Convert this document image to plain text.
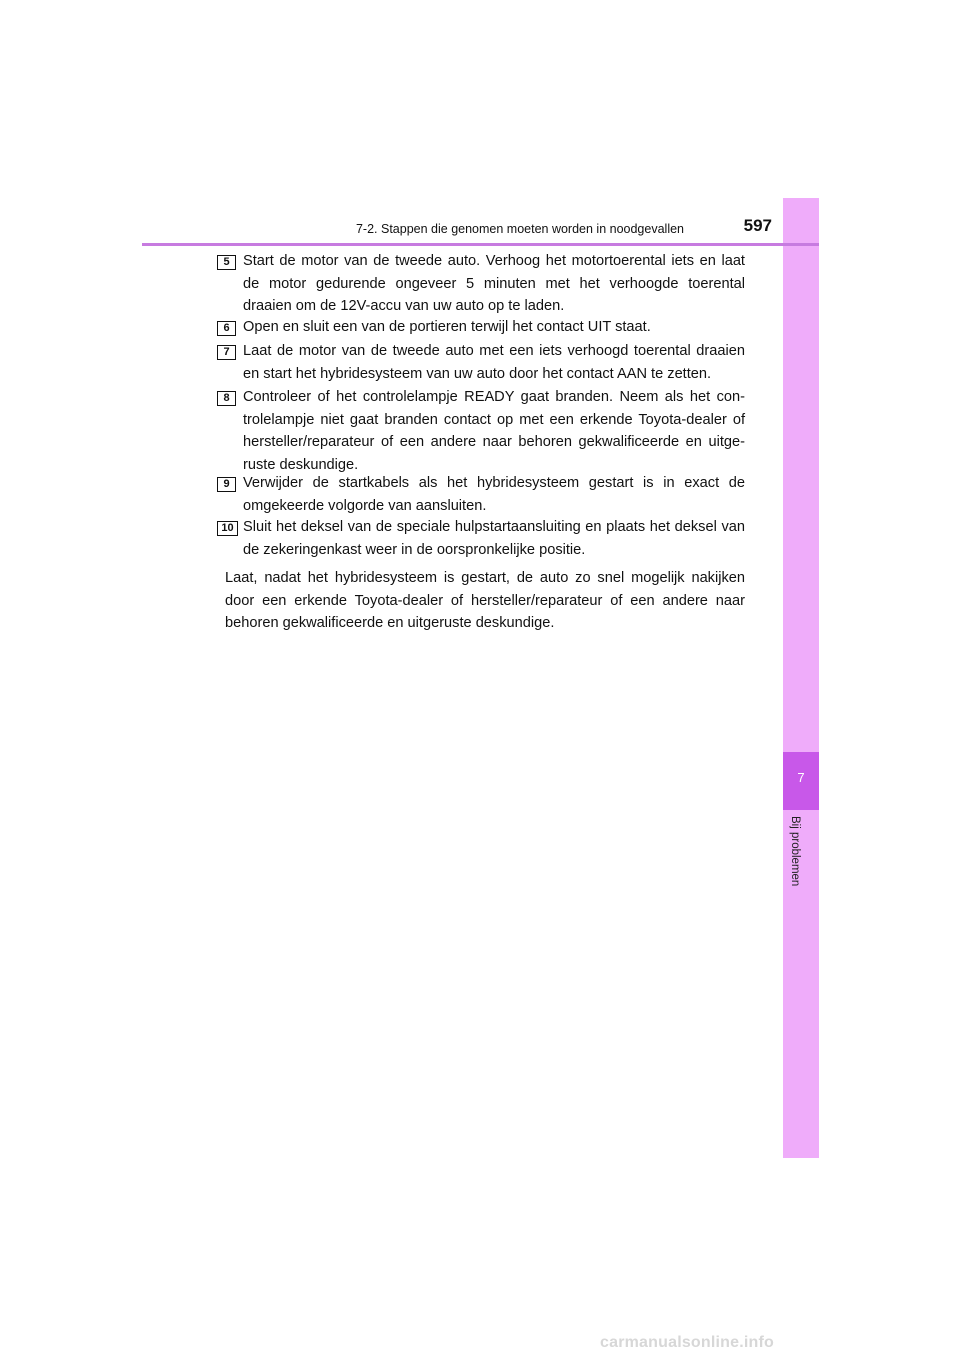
7
Bij problemen
7-2. Stappen die genomen moeten worden in noodgevallen	597
5 Start de motor van de tweede auto. Verhoog het motortoerental iets en laat de motor gedurende ongeveer 5 minuten met het verhoogde toerental draaien om de 12V-accu van uw auto op te laden.

6 Open en sluit een van de portieren terwijl het contact UIT staat.

7 Laat de motor van de tweede auto met een iets verhoogd toerental draaien en start het hybridesysteem van uw auto door het contact AAN te zetten.

8 Controleer of het controlelampje READY gaat branden. Neem als het controlelampje niet gaat branden contact op met een erkende Toyota-dealer of hersteller/reparateur of een andere naar behoren gekwalificeerde en uitgeruste deskundige.

9 Verwijder de startkabels als het hybridesysteem gestart is in exact de omgekeerde volgorde van aansluiten.

10 Sluit het deksel van de speciale hulpstartaansluiting en plaats het deksel van de zekeringenkast weer in de oorspronkelijke positie.

Laat, nadat het hybridesysteem is gestart, de auto zo snel mogelijk nakijken door een erkende Toyota-dealer of hersteller/reparateur of een andere naar behoren gekwalificeerde en uitgeruste deskundige.

carmanualsonline.info
